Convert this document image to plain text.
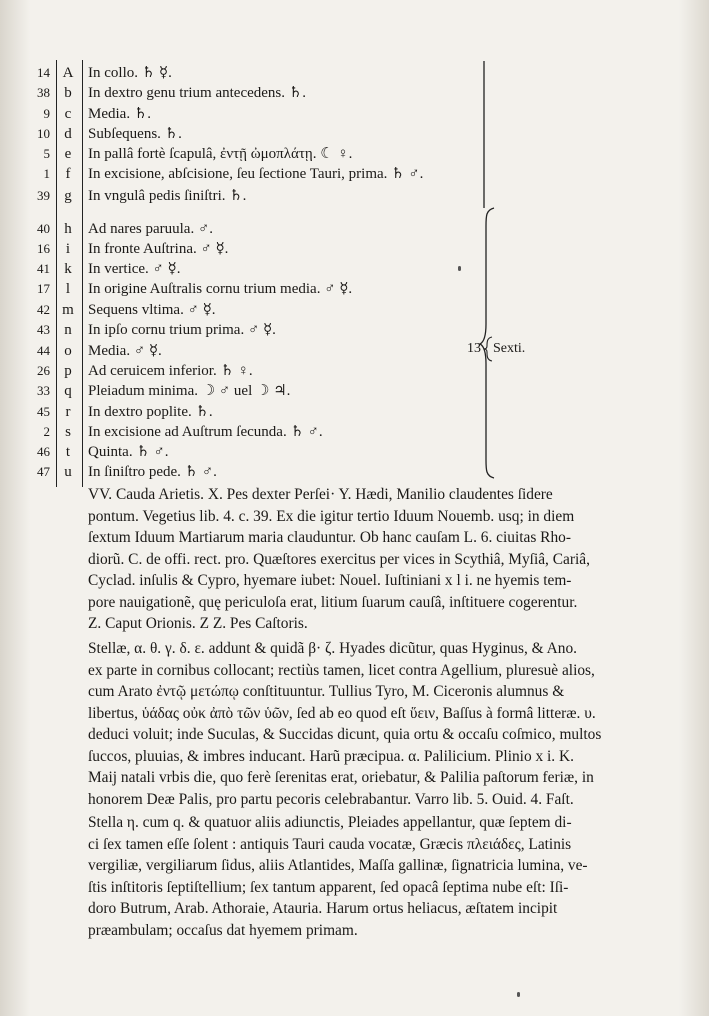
14 A In collo. ♄ ☿.
38 b In dextro genu trium antecedens. ♄.
9 c	Media. ♄.
10 d Subſequens. ♄.
5 e	In pallâ fortè ſcapulâ, ἐντῇ ὠμοπλάτῃ. ☾ ♀.
1	f	In excisione, abſcisione, ſeu ſectione Tauri, prima. ♄ ♂.
39 g In vngulâ pedis ſiniſtri. ♄.
40 h Ad nares paruula. ♂.
16	i	In fronte Auſtrina. ♂ ☿.
41 k In vertice. ♂ ☿.
17	l	In origine Auſtralis cornu trium media. ♂ ☿.
42 m Sequens vltima. ♂ ☿.
43 n In ipſo cornu trium prima. ♂ ☿.
44 o Media. ♂ ☿.
26 p Ad ceruicem inferior. ♄ ♀.
33 q Pleiadum minima. ☽ ♂ uel ☽ ♃.
45	r	In dextro poplite. ♄.
2	s	In excisione ad Auſtrum ſecunda. ♄ ♂.
46	t	Quinta. ♄ ♂.
47 u In ſiniſtro pede. ♄ ♂.
13 Sexti.
VV. Cauda Arietis. X. Pes dexter Perſei· Y. Hædi, Manilio claudentes ſidere
pontum. Vegetius lib. 4. c. 39. Ex die igitur tertio Iduum Nouemb. usq; in diem
ſextum Iduum Martiarum maria clauduntur. Ob hanc cauſam L. 6. ciuitas Rho-
diorũ. C. de offi. rect. pro. Quæſtores exercitus per vices in Scythiâ, Myſiâ, Cariâ,
Cyclad. inſulis & Cypro, hyemare iubet: Nouel. Iuſtiniani x l i. ne hyemis tem-
pore nauigationẽ, quę periculoſa erat, litium ſuarum cauſâ, inſtituere cogerentur.
Z. Caput Orionis. Z Z. Pes Caſtoris.
Stellæ, α. θ. γ. δ. ε. addunt & quidã β· ζ. Hyades dicũtur, quas Hyginus, & Ano.
ex parte in cornibus collocant; rectiùs tamen, licet contra Agellium, pluresuè alios,
cum Arato ἐντῷ μετώπῳ conſtituuntur. Tullius Tyro, M. Ciceronis alumnus &
libertus, ὑάδας οὐκ ἀπὸ τῶν ὑῶν, ſed ab eo quod eſt ὕειν, Baſſus à formâ litteræ. υ.
deduci voluit; inde Suculas, & Succidas dicunt, quia ortu & occaſu coſmico, multos
ſuccos, pluuias, & imbres inducant. Harũ præcipua. α. Palilicium. Plinio x i. K.
Maij natali vrbis die, quo ferè ſerenitas erat, oriebatur, & Palilia paſtorum feriæ, in
honorem Deæ Palis, pro partu pecoris celebrabantur. Varro lib. 5. Ouid. 4. Faſt.
Stella η. cum q. & quatuor aliis adiunctis, Pleiades appellantur, quæ ſeptem di-
ci ſex tamen eſſe ſolent : antiquis Tauri cauda vocatæ, Græcis πλειάδες, Latinis
vergiliæ, vergiliarum ſidus, aliis Atlantides, Maſſa gallinæ, ſignatricia lumina, ve-
ſtis inſtitoris ſeptiſtellium; ſex tantum apparent, ſed opacâ ſeptima nube eſt: Iſi-
doro Butrum, Arab. Athoraie, Atauria. Harum ortus heliacus, æſtatem incipit
præambulam; occaſus dat hyemem primam.
